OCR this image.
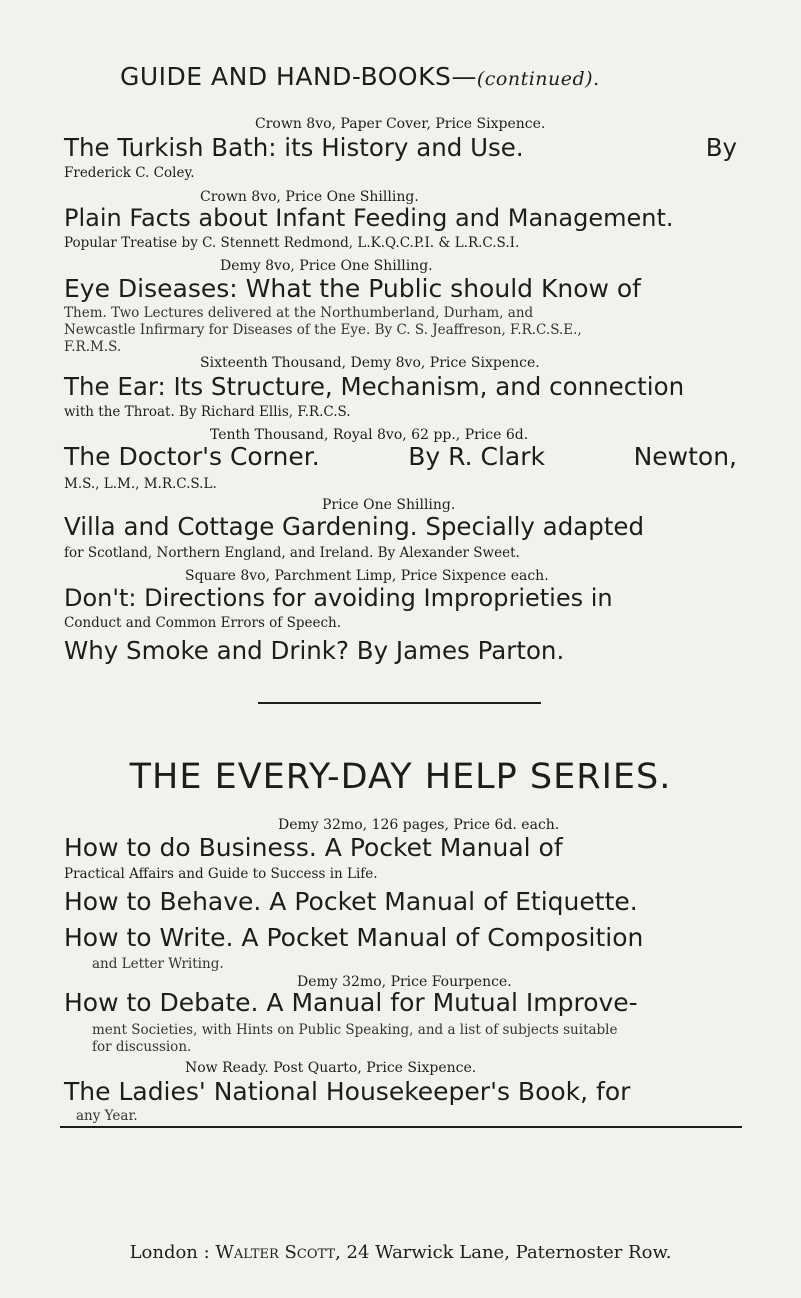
GUIDE AND HAND-BOOKS—(continued).
Crown 8vo, Paper Cover, Price Sixpence.
The Turkish Bath: its History and Use.	By
Frederick C. Coley.
Crown 8vo, Price One Shilling.
Plain Facts about Infant Feeding and Management.
Popular Treatise by C. Stennett Redmond, L.K.Q.C.P.I. & L.R.C.S.I.
Demy 8vo, Price One Shilling.
Eye Diseases: What the Public should Know of
Them. Two Lectures delivered at the Northumberland, Durham, and
Newcastle Infirmary for Diseases of the Eye. By C. S. Jeaffreson, F.R.C.S.E.,
F.R.M.S.
Sixteenth Thousand, Demy 8vo, Price Sixpence.
The Ear: Its Structure, Mechanism, and connection
with the Throat. By Richard Ellis, F.R.C.S.
Tenth Thousand, Royal 8vo, 62 pp., Price 6d.
The Doctor's Corner.	By R. Clark	Newton,
M.S., L.M., M.R.C.S.L.
Price One Shilling.
Villa and Cottage Gardening. Specially adapted
for Scotland, Northern England, and Ireland. By Alexander Sweet.
Square 8vo, Parchment Limp, Price Sixpence each.
Don't: Directions for avoiding Improprieties in
Conduct and Common Errors of Speech.
Why Smoke and Drink? By James Parton.
THE EVERY-DAY HELP SERIES.
Demy 32mo, 126 pages, Price 6d. each.
How to do Business. A Pocket Manual of
Practical Affairs and Guide to Success in Life.
How to Behave. A Pocket Manual of Etiquette.
How to Write. A Pocket Manual of Composition
and Letter Writing.
Demy 32mo, Price Fourpence.
How to Debate. A Manual for Mutual Improve-
ment Societies, with Hints on Public Speaking, and a list of subjects suitable
for discussion.
Now Ready. Post Quarto, Price Sixpence.
The Ladies' National Housekeeper's Book, for
any Year.
London : Walter Scott, 24 Warwick Lane, Paternoster Row.
